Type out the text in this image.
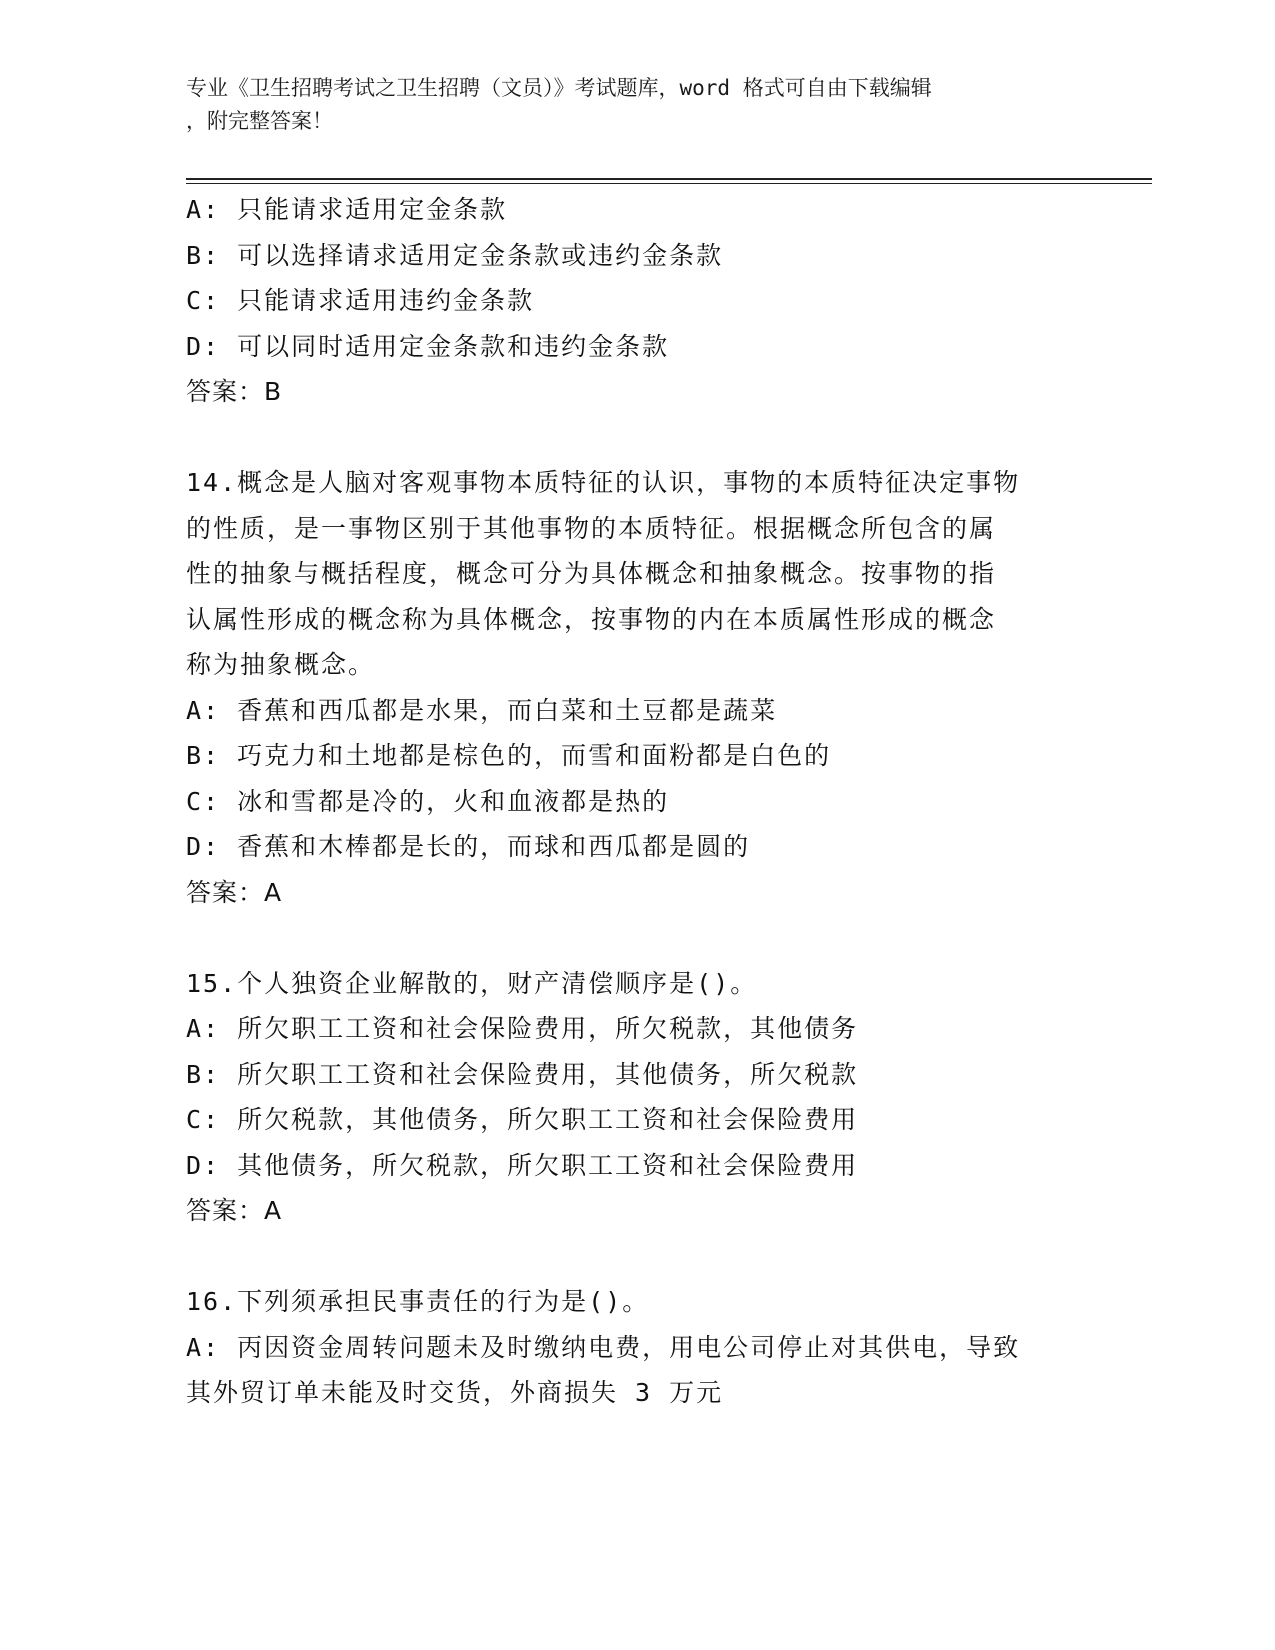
专业《卫生招聘考试之卫生招聘（文员）》考试题库，word 格式可自由下载编辑
，附完整答案！
A: 只能请求适用定金条款
B: 可以选择请求适用定金条款或违约金条款
C: 只能请求适用违约金条款
D: 可以同时适用定金条款和违约金条款
答案：B
14.概念是人脑对客观事物本质特征的认识，事物的本质特征决定事物
的性质，是一事物区别于其他事物的本质特征。根据概念所包含的属
性的抽象与概括程度，概念可分为具体概念和抽象概念。按事物的指
认属性形成的概念称为具体概念，按事物的内在本质属性形成的概念
称为抽象概念。
A: 香蕉和西瓜都是水果，而白菜和土豆都是蔬菜
B: 巧克力和土地都是棕色的，而雪和面粉都是白色的
C: 冰和雪都是冷的，火和血液都是热的
D: 香蕉和木棒都是长的，而球和西瓜都是圆的
答案：A
15.个人独资企业解散的，财产清偿顺序是()。
A: 所欠职工工资和社会保险费用，所欠税款，其他债务
B: 所欠职工工资和社会保险费用，其他债务，所欠税款
C: 所欠税款，其他债务，所欠职工工资和社会保险费用
D: 其他债务，所欠税款，所欠职工工资和社会保险费用
答案：A
16.下列须承担民事责任的行为是()。
A: 丙因资金周转问题未及时缴纳电费，用电公司停止对其供电，导致
其外贸订单未能及时交货，外商损失 3 万元
